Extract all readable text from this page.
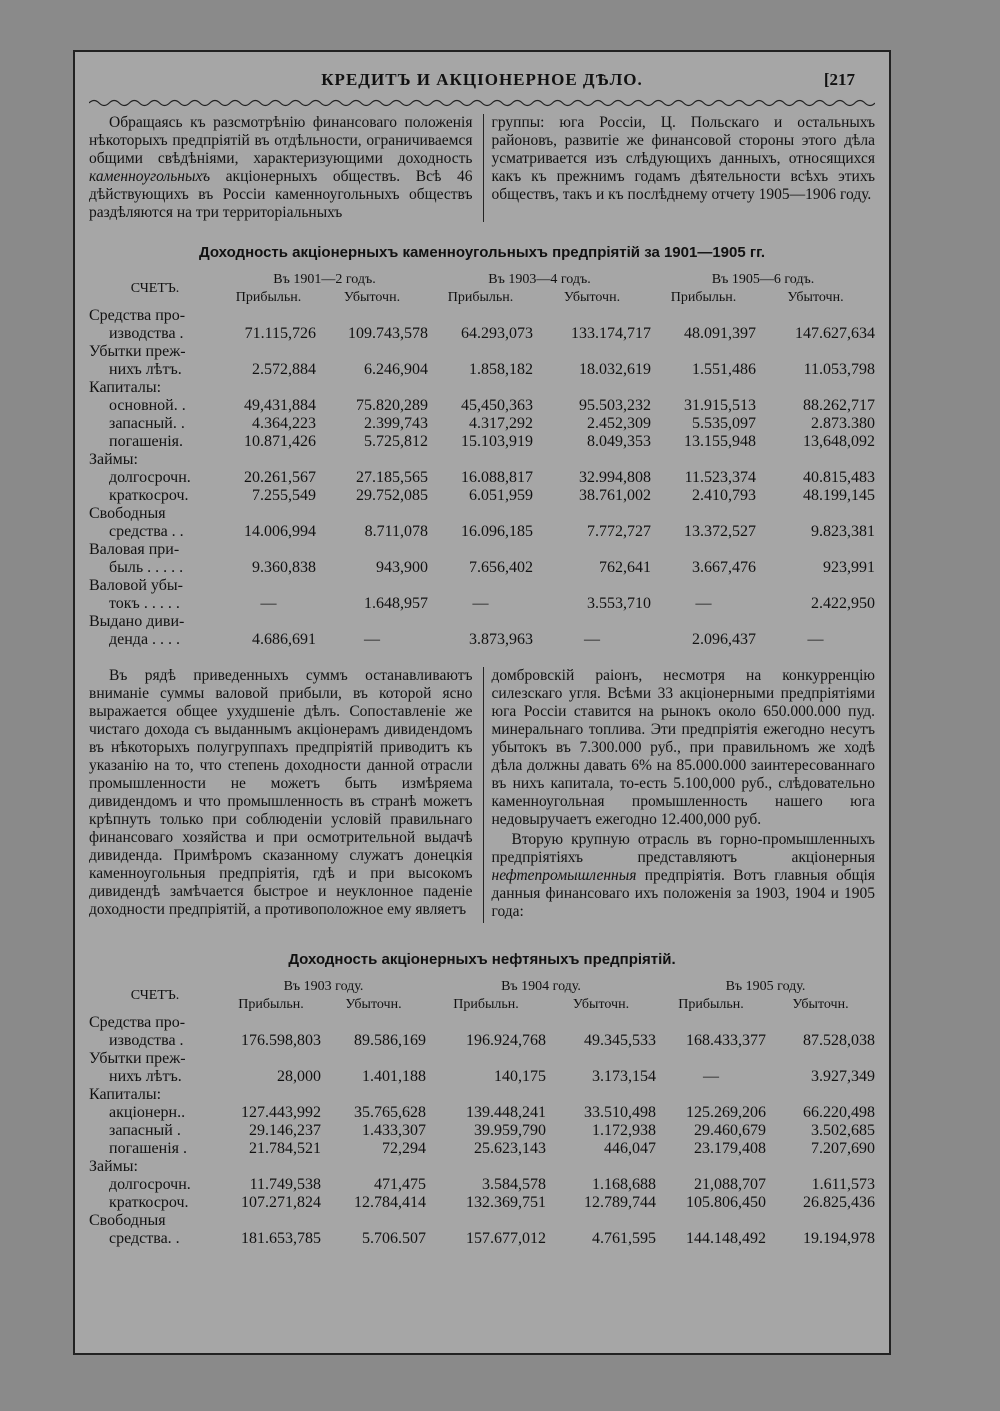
КРЕДИТЪ И АКЦІОНЕРНОЕ ДѢЛО.	[217
Обращаясь къ разсмотрѣнію финансоваго положенія нѣкоторыхъ предпріятій въ отдѣльности, ограничиваемся общими свѣдѣніями, характеризующими доходность каменноугольныхъ акціонерныхъ обществъ. Всѣ 46 дѣйствующихъ въ Россіи каменноугольныхъ обществъ раздѣляются на три территоріальныхъ
группы: юга Россіи, Ц. Польскаго и остальныхъ районовъ, развитіе же финансовой стороны этого дѣла усматривается изъ слѣдующихъ данныхъ, относящихся какъ къ прежнимъ годамъ дѣятельности всѣхъ этихъ обществъ, такъ и къ послѣднему отчету 1905—1906 году.
Доходность акціонерныхъ каменноугольныхъ предпріятій за 1901—1905 гг.
СЧЕТЪ.	Въ 1901—2 годъ.		Въ 1903—4 годъ.		Въ 1905—6 годъ.	
	Прибыльн.	Убыточн.	Прибыльн.	Убыточн.	Прибыльн.	Убыточн.
Средства про-						
изводства .	71.115,726	109.743,578	64.293,073	133.174,717	48.091,397	147.627,634
Убытки преж-						
нихъ лѣтъ.	2.572,884	6.246,904	1.858,182	18.032,619	1.551,486	11.053,798
Капиталы:						
основной. .	49,431,884	75.820,289	45,450,363	95.503,232	31.915,513	88.262,717
запасный. .	4.364,223	2.399,743	4.317,292	2.452,309	5.535,097	2.873.380
погашенія.	10.871,426	5.725,812	15.103,919	8.049,353	13.155,948	13,648,092
Займы:						
долгосрочн.	20.261,567	27.185,565	16.088,817	32.994,808	11.523,374	40.815,483
краткосроч.	7.255,549	29.752,085	6.051,959	38.761,002	2.410,793	48.199,145
Свободныя						
средства . .	14.006,994	8.711,078	16.096,185	7.772,727	13.372,527	9.823,381
Валовая при-						
быль . . . . .	9.360,838	943,900	7.656,402	762,641	3.667,476	923,991
Валовой убы-						
токъ . . . . .	—	1.648,957	—	3.553,710	—	2.422,950
Выдано диви-						
денда . . . .	4.686,691	—	3.873,963	—	2.096,437	—
Въ рядѣ приведенныхъ суммъ останавливаютъ вниманіе суммы валовой прибыли, въ которой ясно выражается общее ухудшеніе дѣлъ. Сопоставленіе же чистаго дохода съ выданнымъ акціонерамъ дивидендомъ въ нѣкоторыхъ полугруппахъ предпріятій приводитъ къ указанію на то, что степень доходности данной отрасли промышленности не можетъ быть измѣряема дивидендомъ и что промышленность въ странѣ можетъ крѣпнуть только при соблюденіи условій правильнаго финансоваго хозяйства и при осмотрительной выдачѣ дивиденда. Примѣромъ сказанному служатъ донецкія каменноугольныя предпріятія, гдѣ и при высокомъ дивидендѣ замѣчается быстрое и неуклонное паденіе доходности предпріятій, а противоположное ему являетъ

домбровскій раіонъ, несмотря на конкурренцію силезскаго угля. Всѣми 33 акціонерными предпріятіями юга Россіи ставится на рынокъ около 650.000.000 пуд. минеральнаго топлива. Эти предпріятія ежегодно несутъ убытокъ въ 7.300.000 руб., при правильномъ же ходѣ дѣла должны давать 6% на 85.000.000 заинтересованнаго въ нихъ капитала, то-есть 5.100,000 руб., слѣдовательно каменноугольная промышленность нашего юга недовыручаетъ ежегодно 12.400,000 руб.

Вторую крупную отрасль въ горно-промышленныхъ предпріятіяхъ представляютъ акціонерныя нефтепромышленныя предпріятія. Вотъ главныя общія данныя финансоваго ихъ положенія за 1903, 1904 и 1905 года:

Доходность акціонерныхъ нефтяныхъ предпріятій.
СЧЕТЪ.	Въ 1903 году.		Въ 1904 году.		Въ 1905 году.	
	Прибыльн.	Убыточн.	Прибыльн.	Убыточн.	Прибыльн.	Убыточн.
Средства про-						
изводства .	176.598,803	89.586,169	196.924,768	49.345,533	168.433,377	87.528,038
Убытки преж-						
нихъ лѣтъ.	28,000	1.401,188	140,175	3.173,154	—	3.927,349
Капиталы:						
акціонерн..	127.443,992	35.765,628	139.448,241	33.510,498	125.269,206	66.220,498
запасный .	29.146,237	1.433,307	39.959,790	1.172,938	29.460,679	3.502,685
погашенія .	21.784,521	72,294	25.623,143	446,047	23.179,408	7.207,690
Займы:						
долгосрочн.	11.749,538	471,475	3.584,578	1.168,688	21,088,707	1.611,573
краткосроч.	107.271,824	12.784,414	132.369,751	12.789,744	105.806,450	26.825,436
Свободныя						
средства. .	181.653,785	5.706.507	157.677,012	4.761,595	144.148,492	19.194,978
